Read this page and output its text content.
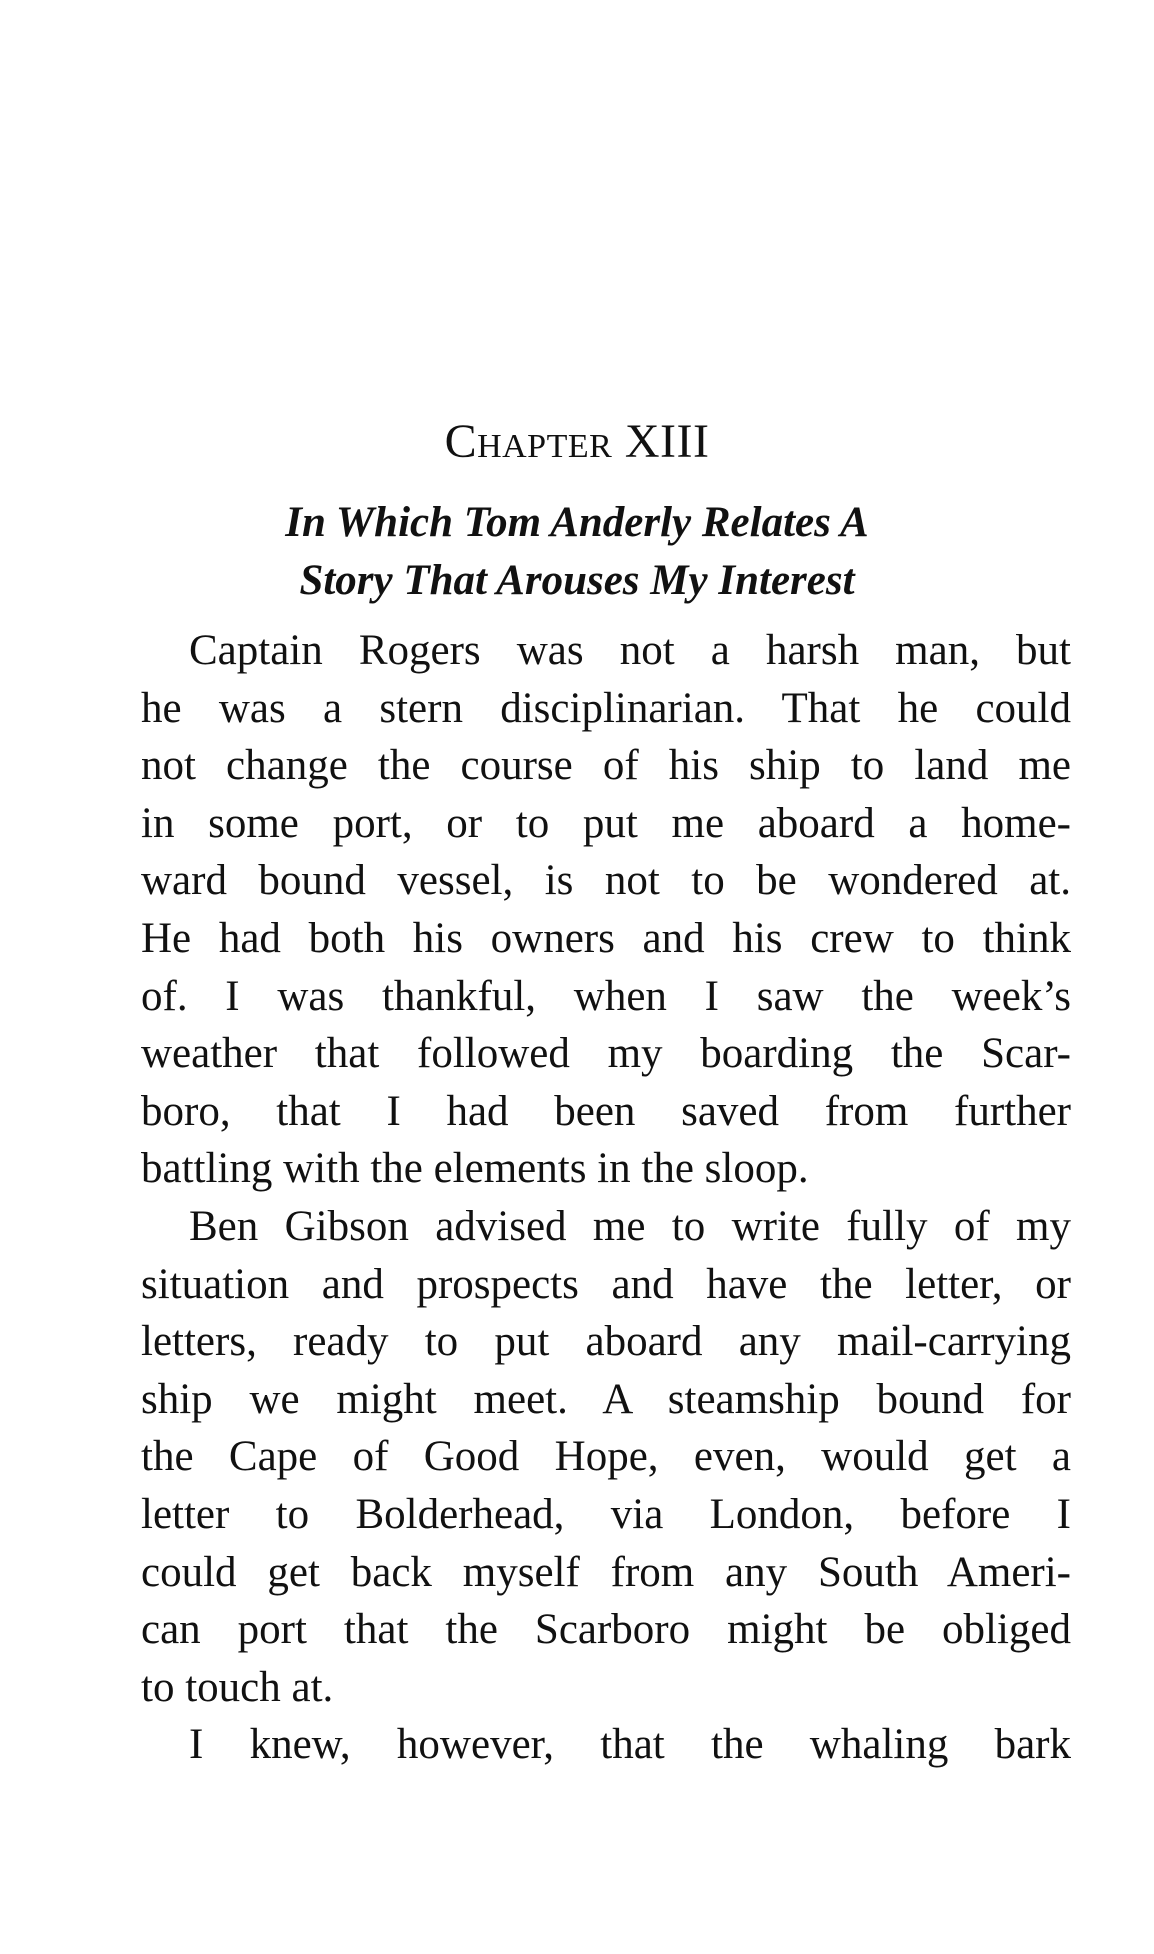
Chapter XIII
In Which Tom Anderly Relates A
Story That Arouses My Interest
Captain Rogers was not a harsh man, but
he was a stern disciplinarian. That he could
not change the course of his ship to land me
in some port, or to put me aboard a home-
ward bound vessel, is not to be wondered at.
He had both his owners and his crew to think
of. I was thankful, when I saw the week’s
weather that followed my boarding the Scar-
boro, that I had been saved from further
battling with the elements in the sloop.
Ben Gibson advised me to write fully of my
situation and prospects and have the letter, or
letters, ready to put aboard any mail-carrying
ship we might meet. A steamship bound for
the Cape of Good Hope, even, would get a
letter to Bolderhead, via London, before I
could get back myself from any South Ameri-
can port that the Scarboro might be obliged
to touch at.
I knew, however, that the whaling bark
